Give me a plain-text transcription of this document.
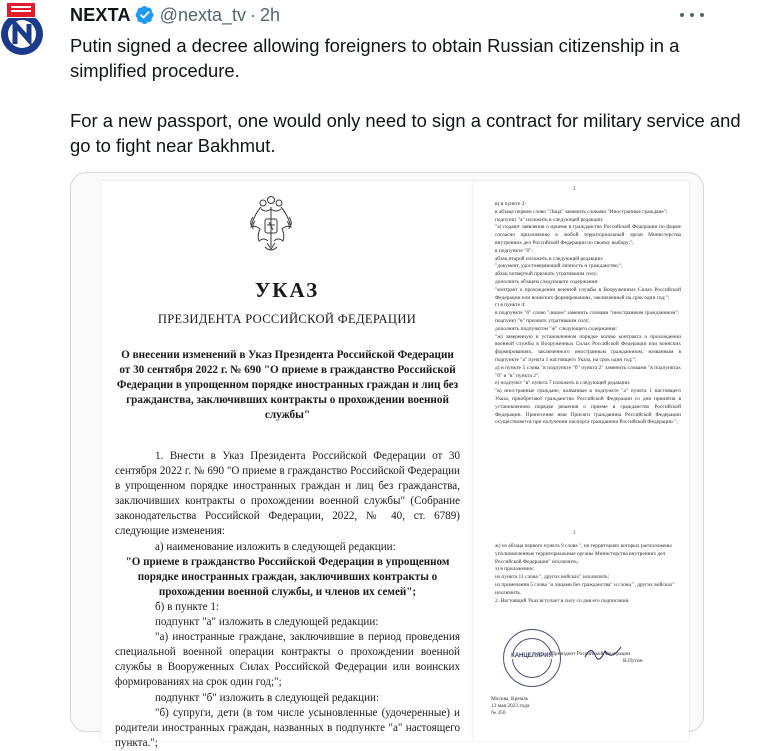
NEXTA @nexta_tv · 2h

Putin signed a decree allowing foreigners to obtain Russian citizenship in a simplified procedure.

For a new passport, one would only need to sign a contract for military service and go to fight near Bakhmut.

УКАЗ
ПРЕЗИДЕНТА РОССИЙСКОЙ ФЕДЕРАЦИИ
О внесении изменений в Указ Президента Российской Федерации от 30 сентября 2022 г. № 690 "О приеме в гражданство Российской Федерации в упрощенном порядке иностранных граждан и лиц без гражданства, заключивших контракты о прохождении военной службы"

1. Внести в Указ Президента Российской Федерации от 30 сентября 2022 г. № 690 "О приеме в гражданство Российской Федерации в упрощенном порядке иностранных граждан и лиц без гражданства, заключивших контракты о прохождении военной службы" (Собрание законодательства Российской Федерации, 2022, № 40, ст. 6789) следующие изменения:

а) наименование изложить в следующей редакции:

"О приеме в гражданство Российской Федерации в упрощенном порядке иностранных граждан, заключивших контракты о прохождении военной службы, и членов их семей";

б) в пункте 1:

подпункт "а" изложить в следующей редакции:

"а) иностранные граждане, заключившие в период проведения специальной военной операции контракты о прохождении военной службы в Вооруженных Силах Российской Федерации или воинских формированиях на срок один год;";

подпункт "б" изложить в следующей редакции:

"б) супруги, дети (в том числе усыновленные (удочеренные) и родители иностранных граждан, названных в подпункте "а" настоящего пункта.";

2

в) в пункте 2:

в абзаце первом слово "Лица" заменить словами "Иностранные граждане";

подпункт "а" изложить в следующей редакции:

"а) подают заявления о приеме в гражданство Российской Федерации по форме согласно приложению к любой территориальный орган Министерства внутренних дел Российской Федерации по своему выбору;";

в подпункте "б":

абзац второй изложить в следующей редакции:

"документ, удостоверяющий личность и гражданство;";

абзац четвертый признать утратившим силу;

дополнить абзацем следующего содержания:

"контракт о прохождении военной службы в Вооруженных Силах Российской Федерации или воинских формированиях, заключенный на срок один год;";

г) в пункте 4:

в подпункте "б" слово "лицом" заменить словами "иностранным гражданином";

подпункт "в" признать утратившим силу;

дополнить подпунктом "ж" следующего содержания:

"ж) заверенную в установленном порядке копию контракта о прохождении военной службы в Вооруженных Силах Российской Федерации или воинских формированиях, заключенного иностранным гражданином, названным в подпункте "а" пункта 1 настоящего Указа, на срок один год;";

д) в пункте 5 слова "в подпункте "б" пункта 2" заменить словами "в подпунктах "б" и "в" пункта 2";

е) подпункт "в" пункта 7 изложить в следующей редакции:

"в) иностранные граждане, названные в подпункте "а" пункта 1 настоящего Указа, приобретают гражданство Российской Федерации со дня принятия в установленном порядке решения о приеме в гражданство Российской Федерации. Принесение ими Присяги гражданина Российской Федерации осуществляется при получении паспорта гражданина Российской Федерации.";

3

ж) из абзаца первого пункта 9 слова ", на территориях которых расположены уполномоченные территориальные органы Министерства внутренних дел Российской Федерации" исключить;

з) в приложении:

из пункта 11 слова ", других войсках" исключить;

из примечания 5 слова "и лицами без гражданства" и слова ", других войсках" исключить.

2. Настоящий Указ вступает в силу со дня его подписания.

КАНЦЕЛЯРИЯ
Президент Российской Федерации
В.Путин
Москва, Кремль
13 мая 2023 года
№ 350
